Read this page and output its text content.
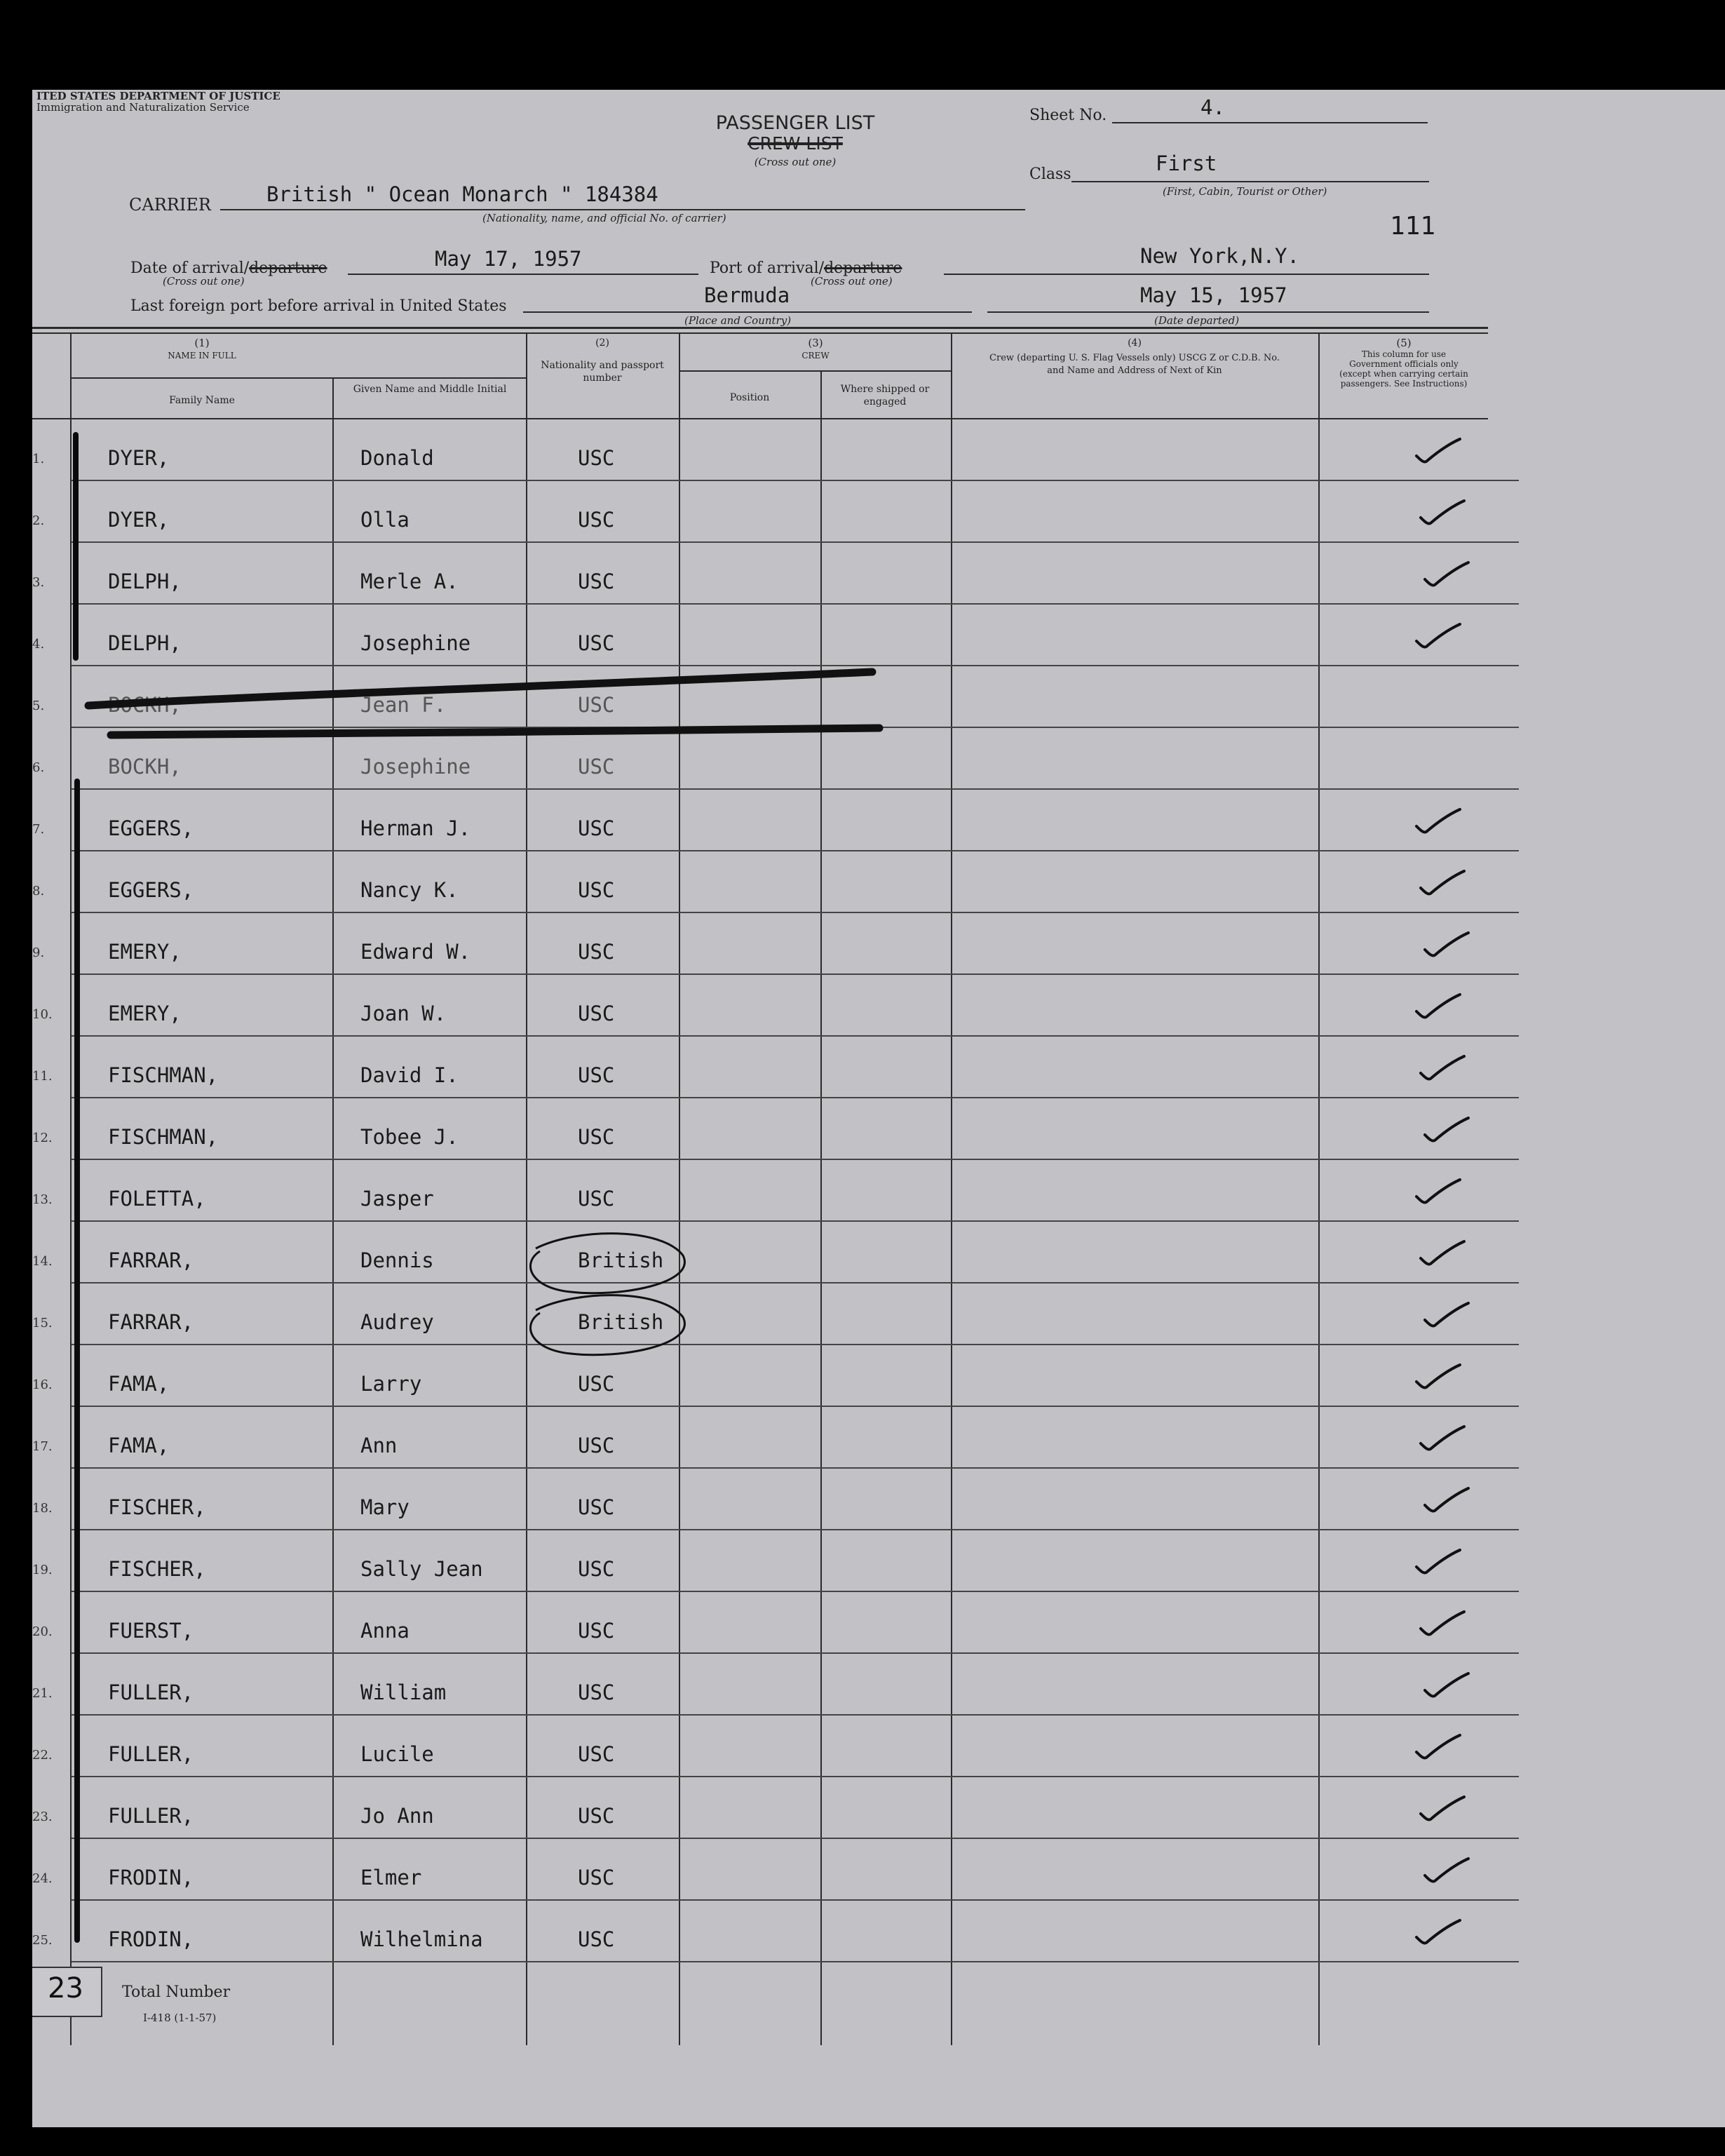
ITED STATES DEPARTMENT OF JUSTICE
Immigration and Naturalization Service
PASSENGER LIST
CREW LIST
(Cross out one)
Sheet No.	4.
Class	First
(First, Cabin, Tourist or Other)
111
CARRIER	British " Ocean Monarch " 184384
(Nationality, name, and official No. of carrier)
Date of arrival/departure
(Cross out one)
May 17, 1957	Port of arrival/departure
(Cross out one)
New York,N.Y.
Last foreign port before arrival in United States	Bermuda
(Place and Country)
May 15, 1957
(Date departed)
(1)
NAME IN FULL
Family Name
Given Name and Middle Initial
(2)
Nationality and passport number
(3)
CREW
Position
Where shipped or engaged
(4)
Crew (departing U. S. Flag Vessels only) USCG Z or C.D.B. No. and Name and Address of Next of Kin
(5)
This column for use Government officials only (except when carrying certain passengers. See Instructions)
1.	DYER,	Donald	USC
2.	DYER,	Olla	USC
3.	DELPH,	Merle A.	USC
4.	DELPH,	Josephine	USC
5.	BOCKH,	Jean F.	USC
6.	BOCKH,	Josephine	USC
7.	EGGERS,	Herman J.	USC
8.	EGGERS,	Nancy K.	USC
9.	EMERY,	Edward W.	USC
10.	EMERY,	Joan W.	USC
11.	FISCHMAN,	David I.	USC
12.	FISCHMAN,	Tobee J.	USC
13.	FOLETTA,	Jasper	USC
14.	FARRAR,	Dennis	British
15.	FARRAR,	Audrey	British
16.	FAMA,	Larry	USC
17.	FAMA,	Ann	USC
18.	FISCHER,	Mary	USC
19.	FISCHER,	Sally Jean	USC
20.	FUERST,	Anna	USC
21.	FULLER,	William	USC
22.	FULLER,	Lucile	USC
23.	FULLER,	Jo Ann	USC
24.	FRODIN,	Elmer	USC
25.	FRODIN,	Wilhelmina	USC
23	Total Number
I-418 (1-1-57)
